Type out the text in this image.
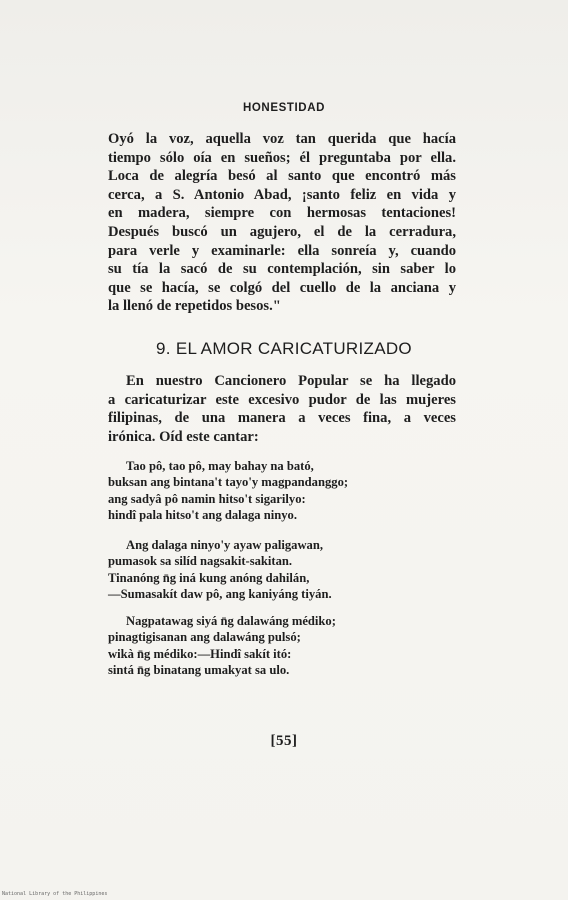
HONESTIDAD
Oyó la voz, aquella voz tan querida que hacía
tiempo sólo oía en sueños; él preguntaba por ella.
Loca de alegría besó al santo que encontró más
cerca, a S. Antonio Abad, ¡santo feliz en vida y
en madera, siempre con hermosas tentaciones!
Después buscó un agujero, el de la cerradura,
para verle y examinarle: ella sonreía y, cuando
su tía la sacó de su contemplación, sin saber lo
que se hacía, se colgó del cuello de la anciana y
la llenó de repetidos besos."
9. EL AMOR CARICATURIZADO
En nuestro Cancionero Popular se ha llegado
a caricaturizar este excesivo pudor de las mujeres
filipinas, de una manera a veces fina, a veces
irónica. Oíd este cantar:
Tao pô, tao pô, may bahay na bató,
buksan ang bintana't tayo'y magpandanggo;
ang sadyâ pô namin hitso't sigarilyo:
hindî pala hitso't ang dalaga ninyo.
Ang dalaga ninyo'y ayaw paligawan,
pumasok sa silíd nagsakit-sakitan.
Tinanóng n̄g iná kung anóng dahilán,
—Sumasakít daw pô, ang kaniyáng tiyán.
Nagpatawag siyá n̄g dalawáng médiko;
pinagtigisanan ang dalawáng pulsó;
wikà n̄g médiko:—Hindî sakít itó:
sintá n̄g binatang umakyat sa ulo.
[55]
National Library of the Philippines
